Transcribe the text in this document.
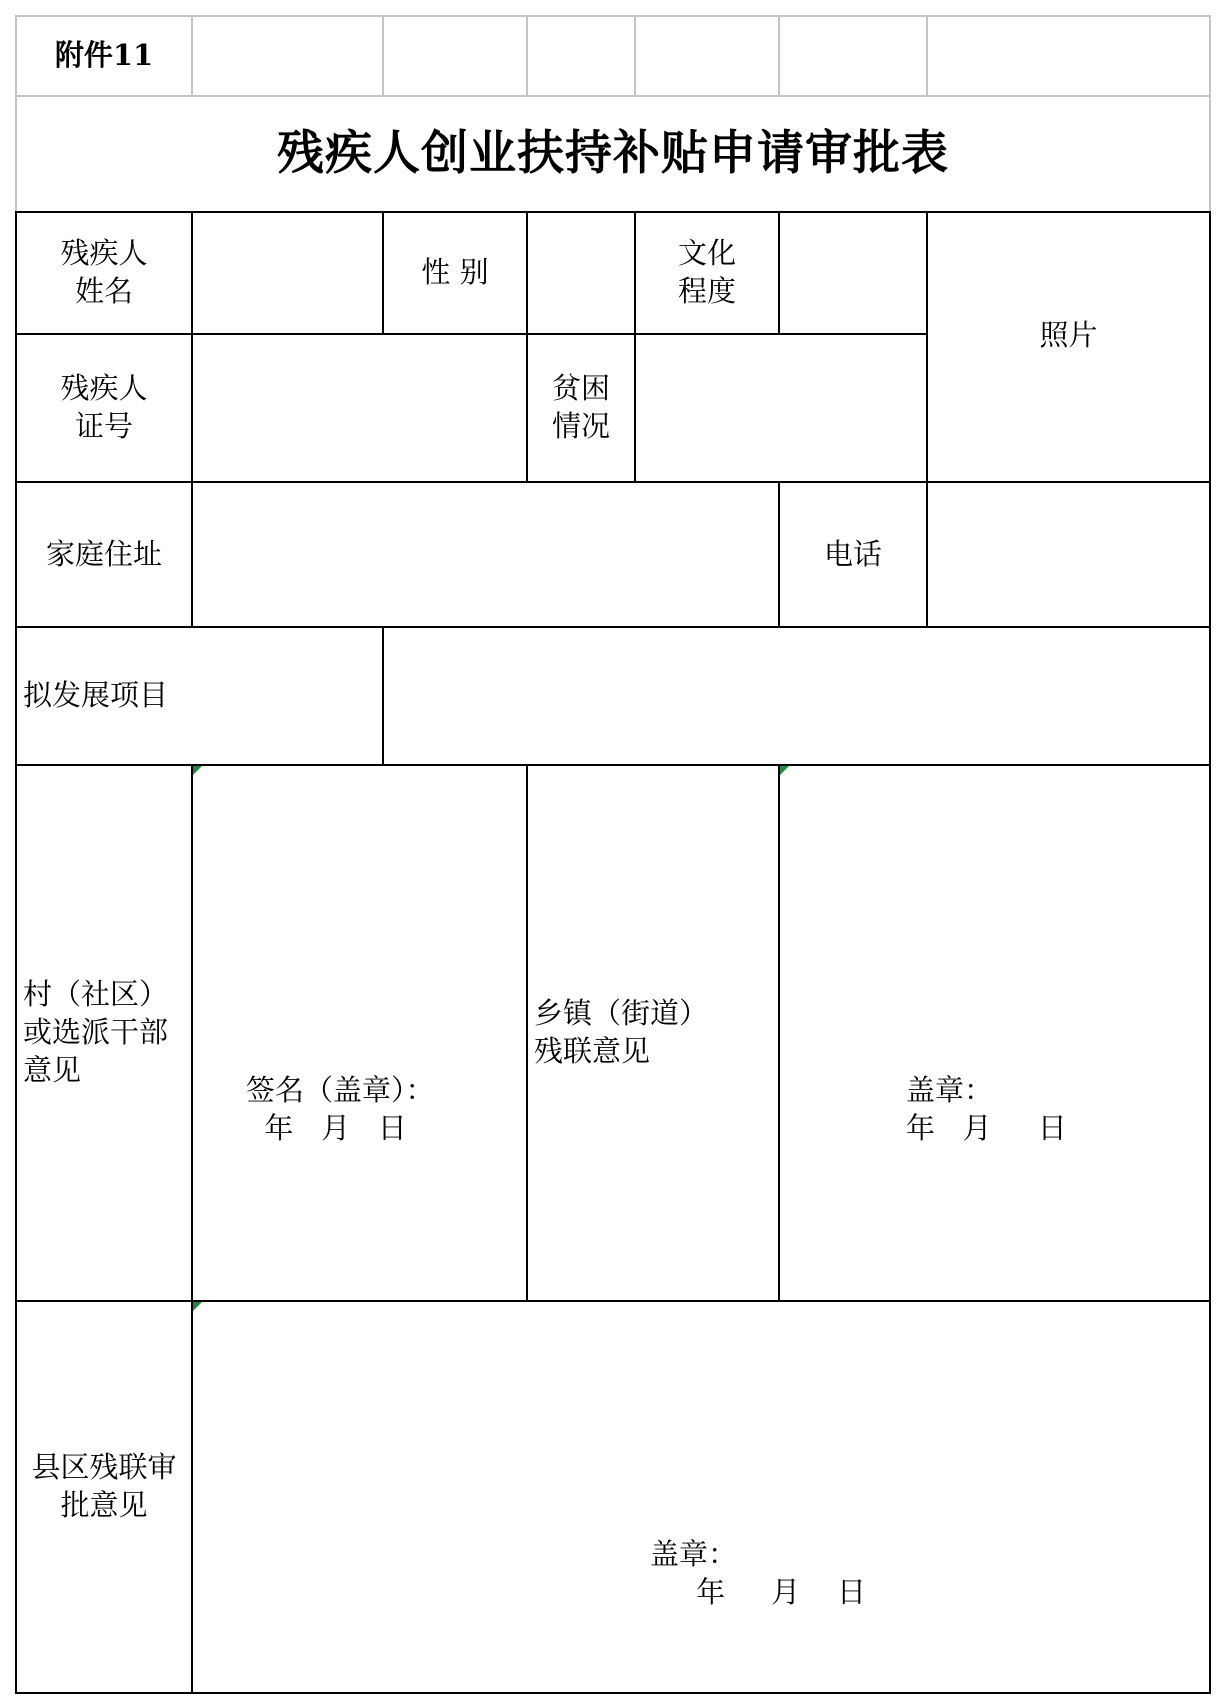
附件11
残疾人创业扶持补贴申请审批表
残疾人
姓名
性 别
文化
程度
照片
残疾人
证号
贫困
情况
家庭住址	电话
拟发展项目
村（社区）
或选派干部
意见
签名（盖章）：
年   月   日
乡镇（街道）
残联意见
盖章：
年   月     日
县区残联审
批意见
盖章：
年     月    日
